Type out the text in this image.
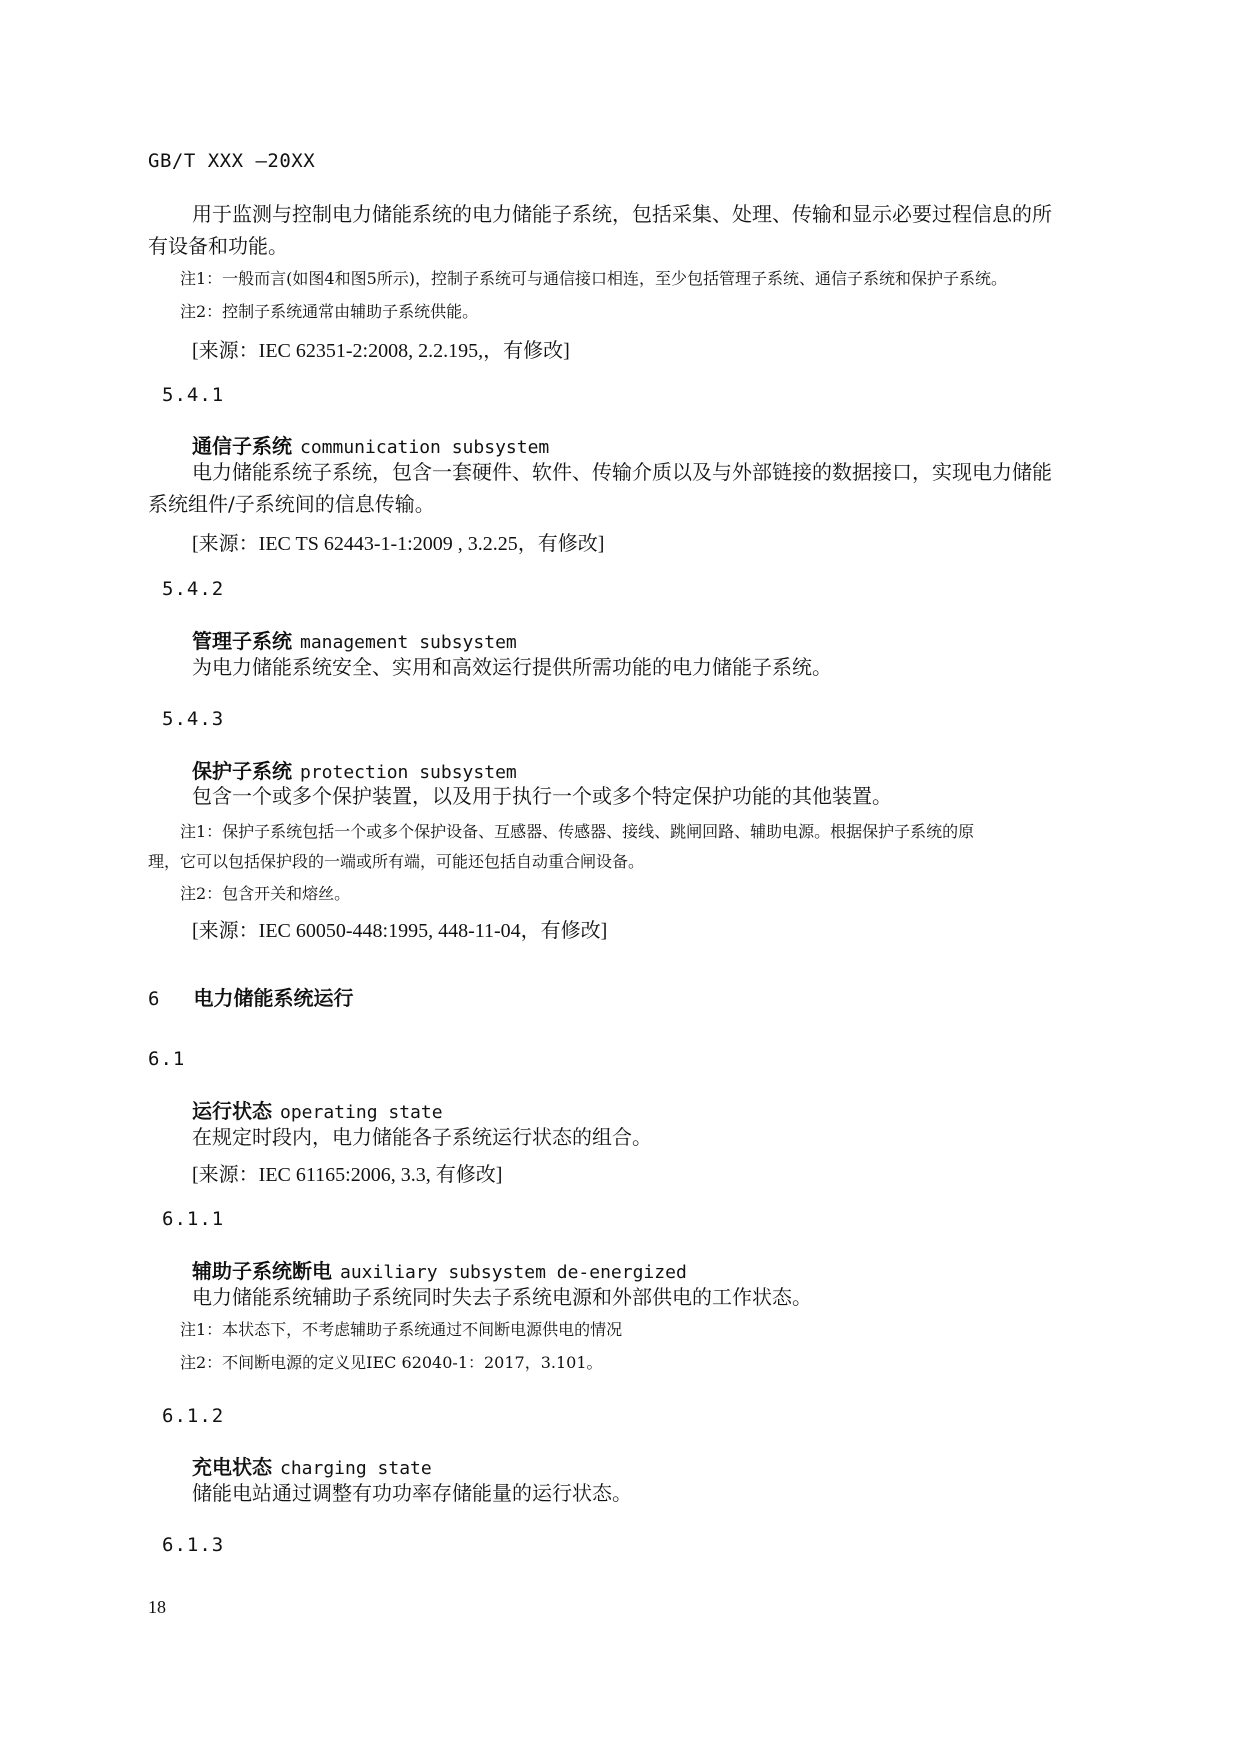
GB/T XXX —20XX
用于监测与控制电力储能系统的电力储能子系统，包括采集、处理、传输和显示必要过程信息的所
有设备和功能。
注1：一般而言(如图4和图5所示)，控制子系统可与通信接口相连，至少包括管理子系统、通信子系统和保护子系统。
注2：控制子系统通常由辅助子系统供能。
[来源：IEC 62351-2:2008, 2.2.195,，有修改]
5.4.1
通信子系统 communication subsystem
电力储能系统子系统，包含一套硬件、软件、传输介质以及与外部链接的数据接口，实现电力储能
系统组件/子系统间的信息传输。
[来源：IEC TS 62443-1-1:2009 , 3.2.25，有修改]
5.4.2
管理子系统 management subsystem
为电力储能系统安全、实用和高效运行提供所需功能的电力储能子系统。
5.4.3
保护子系统 protection subsystem
包含一个或多个保护装置，以及用于执行一个或多个特定保护功能的其他装置。
注1：保护子系统包括一个或多个保护设备、互感器、传感器、接线、跳闸回路、辅助电源。根据保护子系统的原
理，它可以包括保护段的一端或所有端，可能还包括自动重合闸设备。
注2：包含开关和熔丝。
[来源：IEC 60050-448:1995, 448-11-04，有修改]
6 电力储能系统运行
6.1
运行状态 operating state
在规定时段内，电力储能各子系统运行状态的组合。
[来源：IEC 61165:2006, 3.3, 有修改]
6.1.1
辅助子系统断电 auxiliary subsystem de-energized
电力储能系统辅助子系统同时失去子系统电源和外部供电的工作状态。
注1：本状态下，不考虑辅助子系统通过不间断电源供电的情况
注2：不间断电源的定义见IEC 62040-1：2017，3.101。
6.1.2
充电状态 charging state
储能电站通过调整有功功率存储能量的运行状态。
6.1.3
18
